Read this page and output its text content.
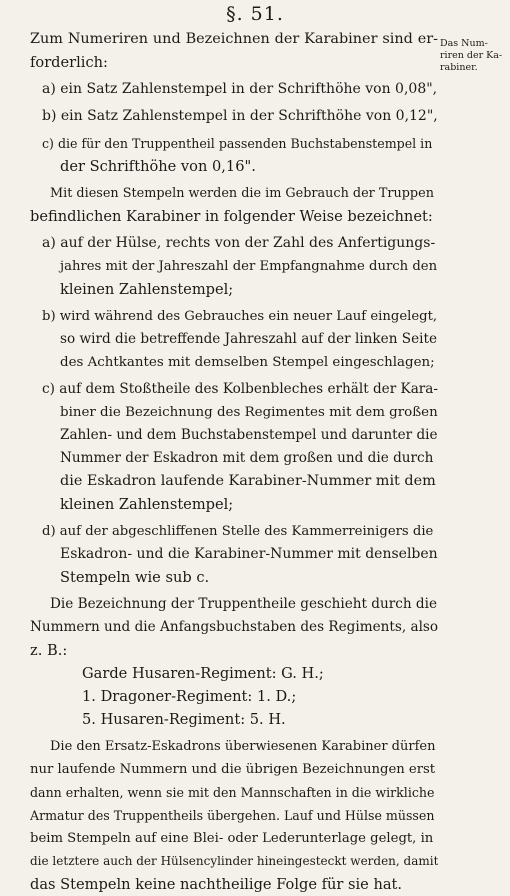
§. 51.
Das Num-
riren der Ka-
rabiner.
Zum Numeriren und Bezeichnen der Karabiner sind er-
forderlich:
a) ein Satz Zahlenstempel in der Schrifthöhe von 0,08",
b) ein Satz Zahlenstempel in der Schrifthöhe von 0,12",
c) die für den Truppentheil passenden Buchstabenstempel in
der Schrifthöhe von 0,16".
Mit diesen Stempeln werden die im Gebrauch der Truppen
befindlichen Karabiner in folgender Weise bezeichnet:
a) auf der Hülse, rechts von der Zahl des Anfertigungs-
jahres mit der Jahreszahl der Empfangnahme durch den
kleinen Zahlenstempel;
b) wird während des Gebrauches ein neuer Lauf eingelegt,
so wird die betreffende Jahreszahl auf der linken Seite
des Achtkantes mit demselben Stempel eingeschlagen;
c) auf dem Stoßtheile des Kolbenbleches erhält der Kara-
biner die Bezeichnung des Regimentes mit dem großen
Zahlen- und dem Buchstabenstempel und darunter die
Nummer der Eskadron mit dem großen und die durch
die Eskadron laufende Karabiner-Nummer mit dem
kleinen Zahlenstempel;
d) auf der abgeschliffenen Stelle des Kammerreinigers die
Eskadron- und die Karabiner-Nummer mit denselben
Stempeln wie sub c.
Die Bezeichnung der Truppentheile geschieht durch die
Nummern und die Anfangsbuchstaben des Regiments, also
z. B.:
Garde Husaren-Regiment: G. H.;
1. Dragoner-Regiment: 1. D.;
5. Husaren-Regiment: 5. H.
Die den Ersatz-Eskadrons überwiesenen Karabiner dürfen
nur laufende Nummern und die übrigen Bezeichnungen erst
dann erhalten, wenn sie mit den Mannschaften in die wirkliche
Armatur des Truppentheils übergehen. Lauf und Hülse müssen
beim Stempeln auf eine Blei- oder Lederunterlage gelegt, in
die letztere auch der Hülsencylinder hineingesteckt werden, damit
das Stempeln keine nachtheilige Folge für sie hat.
